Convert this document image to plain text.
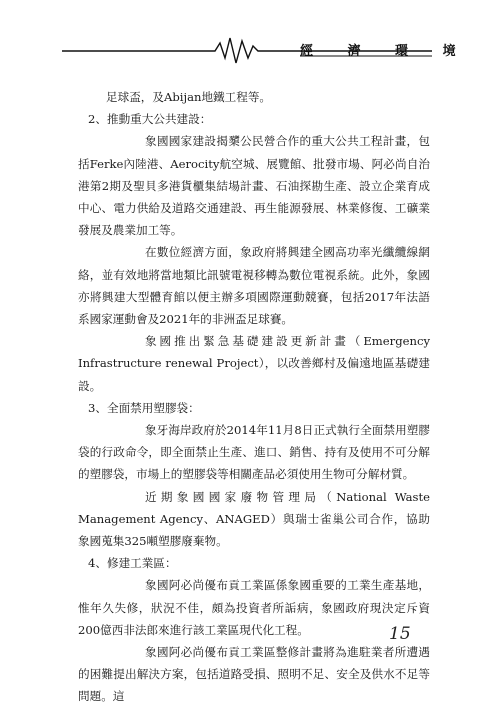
經 濟 環 境

足球盃，及Abijan地鐵工程等。

2、推動重大公共建設：

象國國家建設揭櫫公民營合作的重大公共工程計畫，包括Ferke內陸港、Aerocity航空城、展覽館、批發市場、阿必尚自治港第2期及聖貝多港貨櫃集結場計畫、石油探勘生產、設立企業育成中心、電力供給及道路交通建設、再生能源發展、林業修復、工礦業發展及農業加工等。

在數位經濟方面，象政府將興建全國高功率光纖纜線網絡，並有效地將當地類比訊號電視移轉為數位電視系統。此外，象國亦將興建大型體育館以便主辦多項國際運動競賽，包括2017年法語系國家運動會及2021年的非洲盃足球賽。

象國推出緊急基礎建設更新計畫（Emergency Infrastructure renewal Project），以改善鄉村及偏遠地區基礎建設。

3、全面禁用塑膠袋：

象牙海岸政府於2014年11月8日正式執行全面禁用塑膠袋的行政命令，即全面禁止生產、進口、銷售、持有及使用不可分解的塑膠袋，市場上的塑膠袋等相關產品必須使用生物可分解材質。

近期象國國家廢物管理局（National Waste Management Agency、ANAGED）與瑞士雀巢公司合作，協助象國蒐集325噸塑膠廢棄物。

4、修建工業區：

象國阿必尚優布貢工業區係象國重要的工業生產基地，惟年久失修，狀況不佳，頗為投資者所詬病，象國政府現決定斥資200億西非法郎來進行該工業區現代化工程。

象國阿必尚優布貢工業區整修計畫將為進駐業者所遭遇的困難提出解決方案，包括道路受損、照明不足、安全及供水不足等問題。這

15
